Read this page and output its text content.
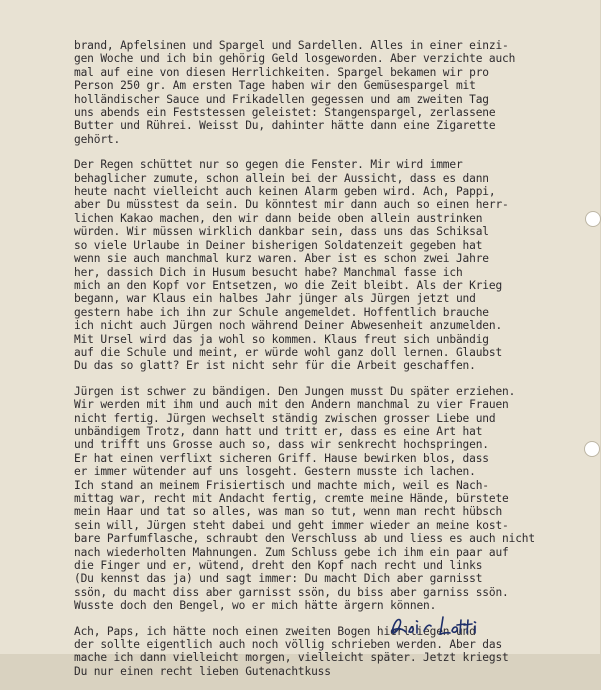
brand, Apfelsinen und Spargel und Sardellen. Alles in einer einzi-
gen Woche und ich bin gehörig Geld losgeworden. Aber verzichte auch
mal auf eine von diesen Herrlichkeiten. Spargel bekamen wir pro
Person 250 gr. Am ersten Tage haben wir den Gemüsespargel mit
holländischer Sauce und Frikadellen gegessen und am zweiten Tag
uns abends ein Feststessen geleistet: Stangenspargel, zerlassene
Butter und Rührei. Weisst Du, dahinter hätte dann eine Zigarette
gehört.
Der Regen schüttet nur so gegen die Fenster. Mir wird immer
behaglicher zumute, schon allein bei der Aussicht, dass es dann
heute nacht vielleicht auch keinen Alarm geben wird. Ach, Pappi,
aber Du müsstest da sein. Du könntest mir dann auch so einen herr-
lichen Kakao machen, den wir dann beide oben allein austrinken
würden. Wir müssen wirklich dankbar sein, dass uns das Schiksal
so viele Urlaube in Deiner bisherigen Soldatenzeit gegeben hat
wenn sie auch manchmal kurz waren. Aber ist es schon zwei Jahre
her, dassich Dich in Husum besucht habe? Manchmal fasse ich
mich an den Kopf vor Entsetzen, wo die Zeit bleibt. Als der Krieg
begann, war Klaus ein halbes Jahr jünger als Jürgen jetzt und
gestern habe ich ihn zur Schule angemeldet. Hoffentlich brauche
ich nicht auch Jürgen noch während Deiner Abwesenheit anzumelden.
Mit Ursel wird das ja wohl so kommen. Klaus freut sich unbändig
auf die Schule und meint, er würde wohl ganz doll lernen. Glaubst
Du das so glatt? Er ist nicht sehr für die Arbeit geschaffen.
Jürgen ist schwer zu bändigen. Den Jungen musst Du später erziehen.
Wir werden mit ihm und auch mit den Andern manchmal zu vier Frauen
nicht fertig. Jürgen wechselt ständig zwischen grosser Liebe und
unbändigem Trotz, dann hatt und tritt er, dass es eine Art hat
und trifft uns Grosse auch so, dass wir senkrecht hochspringen.
Er hat einen verflixt sicheren Griff. Hause bewirken blos, dass
er immer wütender auf uns losgeht. Gestern musste ich lachen.
Ich stand an meinem Frisiertisch und machte mich, weil es Nach-
mittag war, recht mit Andacht fertig, cremte meine Hände, bürstete
mein Haar und tat so alles, was man so tut, wenn man recht hübsch
sein will, Jürgen steht dabei und geht immer wieder an meine kost-
bare Parfumflasche, schraubt den Verschluss ab und liess es auch nicht
nach wiederholten Mahnungen. Zum Schluss gebe ich ihm ein paar auf
die Finger und er, wütend, dreht den Kopf nach recht und links
(Du kennst das ja) und sagt immer: Du macht Dich aber garnisst
ssön, du macht diss aber garnisst ssön, du biss aber garniss ssön.
Wusste doch den Bengel, wo er mich hätte ärgern können.
Ach, Paps, ich hätte noch einen zweiten Bogen hierlliegen und
der sollte eigentlich auch noch völlig schrieben werden. Aber das
mache ich dann vielleicht morgen, vielleicht später. Jetzt kriegst
Du nur einen recht lieben Gutenachtkuss
